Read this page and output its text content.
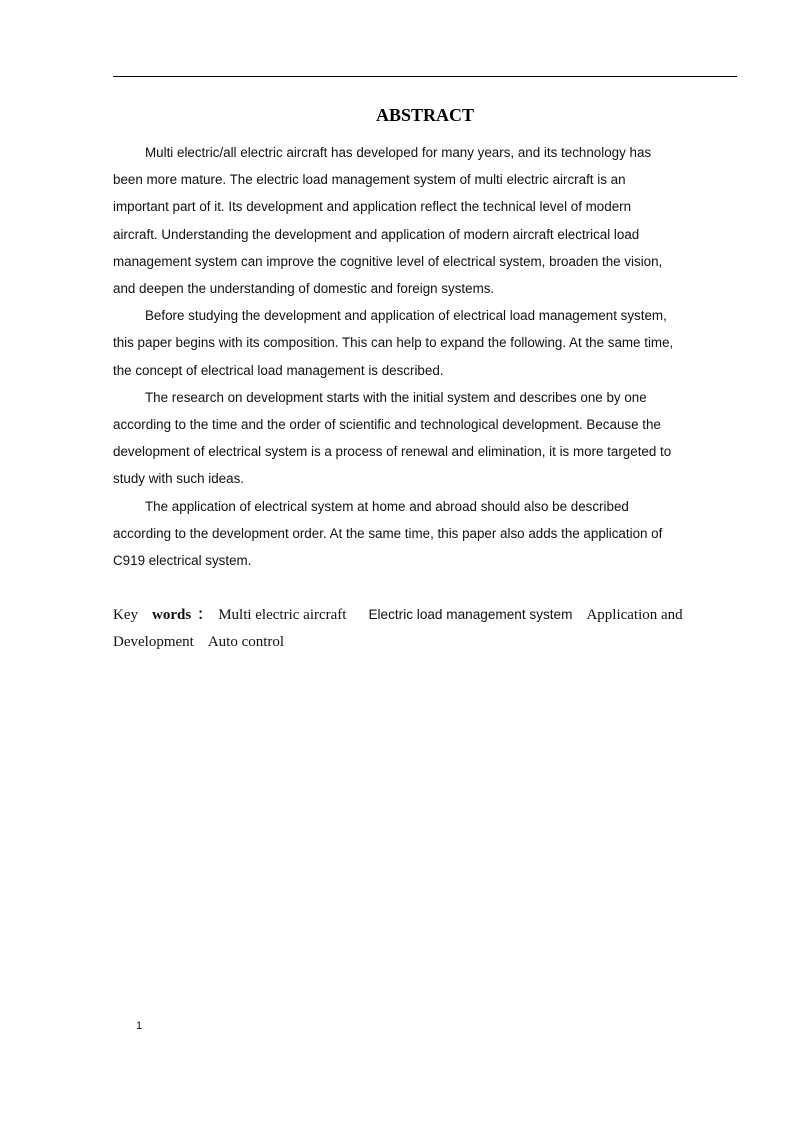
ABSTRACT

Multi electric/all electric aircraft has developed for many years, and its technology has
been more mature. The electric load management system of multi electric aircraft is an
important part of it. Its development and application reflect the technical level of modern
aircraft. Understanding the development and application of modern aircraft electrical load
management system can improve the cognitive level of electrical system, broaden the vision,
and deepen the understanding of domestic and foreign systems.

Before studying the development and application of electrical load management system,
this paper begins with its composition. This can help to expand the following. At the same time,
the concept of electrical load management is described.

The research on development starts with the initial system and describes one by one
according to the time and the order of scientific and technological development. Because the
development of electrical system is a process of renewal and elimination, it is more targeted to
study with such ideas.

The application of electrical system at home and abroad should also be described
according to the development order. At the same time, this paper also adds the application of
C919 electrical system.

Key words ： Multi electric aircraft Electric load management system Application and
Development Auto control
1
